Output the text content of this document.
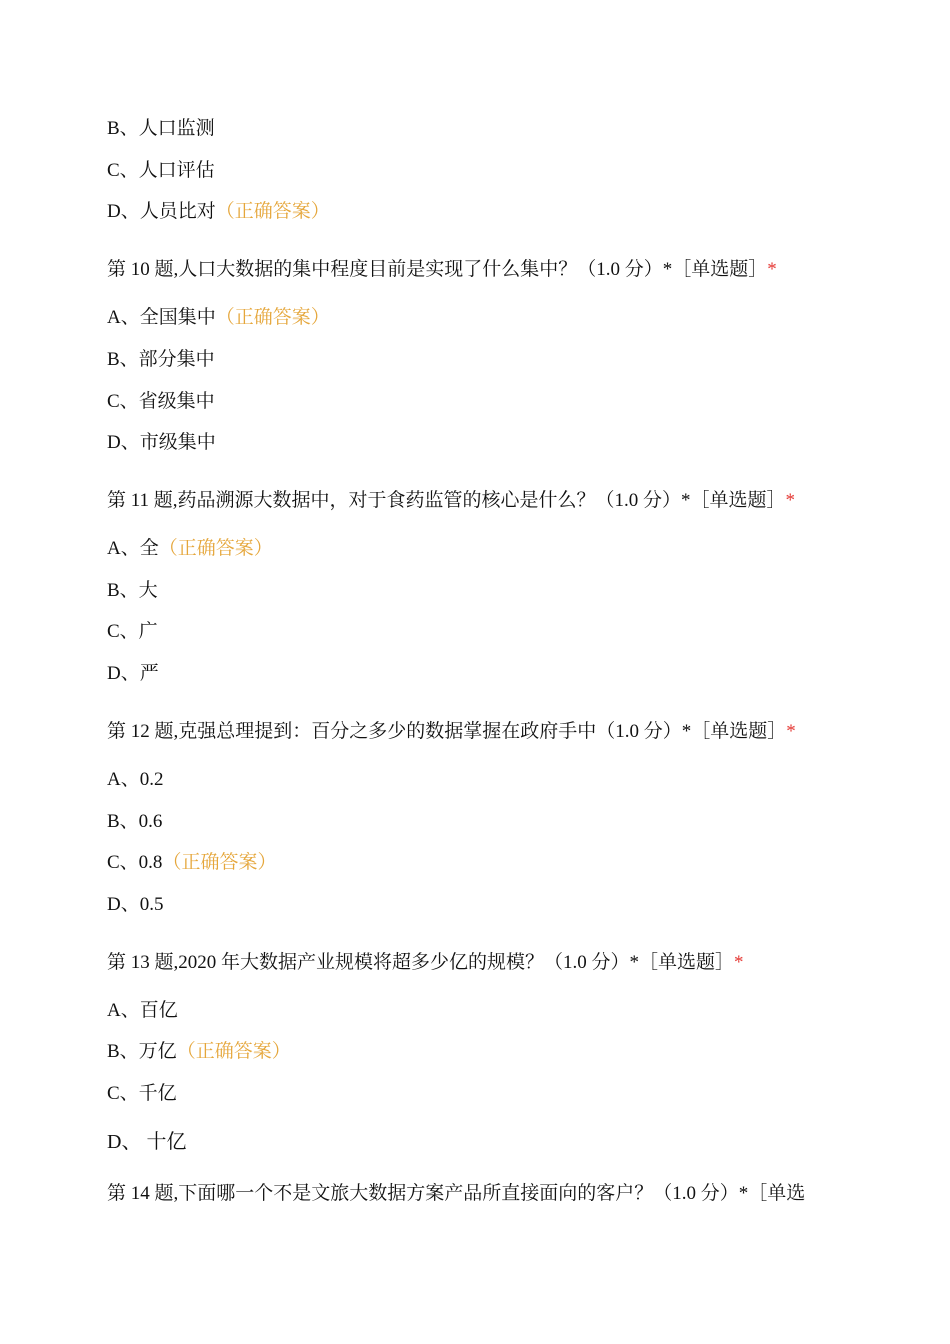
B、人口监测
C、人口评估
D、人员比对（正确答案）
第 10 题,人口大数据的集中程度目前是实现了什么集中？（1.0 分）*［单选题］*
A、全国集中（正确答案）
B、部分集中
C、省级集中
D、市级集中
第 11 题,药品溯源大数据中，对于食药监管的核心是什么？（1.0 分）*［单选题］*
A、全（正确答案）
B、大
C、广
D、严
第 12 题,克强总理提到：百分之多少的数据掌握在政府手中（1.0 分）*［单选题］*
A、0.2
B、0.6
C、0.8（正确答案）
D、0.5
第 13 题,2020 年大数据产业规模将超多少亿的规模？（1.0 分）*［单选题］*
A、百亿
B、万亿（正确答案）
C、千亿
D、 十亿
第 14 题,下面哪一个不是文旅大数据方案产品所直接面向的客户？（1.0 分）*［单选
